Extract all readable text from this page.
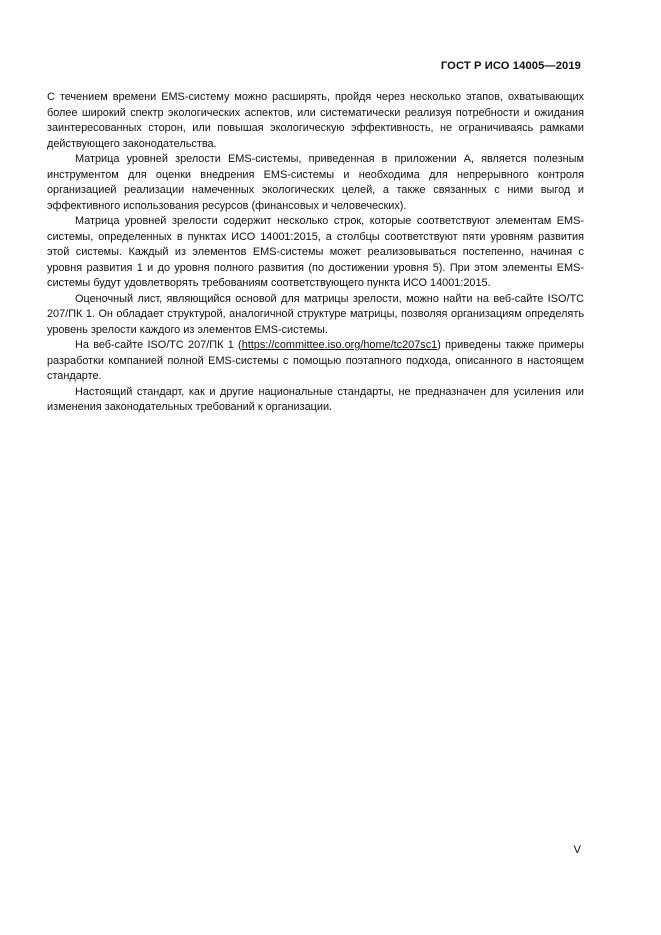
ГОСТ Р ИСО 14005—2019

С течением времени EMS-систему можно расширять, пройдя через несколько этапов, охватывающих более широкий спектр экологических аспектов, или систематически реализуя потребности и ожидания заинтересованных сторон, или повышая экологическую эффективность, не ограничиваясь рамками действующего законодательства.

Матрица уровней зрелости EMS-системы, приведенная в приложении А, является полезным инструментом для оценки внедрения EMS-системы и необходима для непрерывного контроля организацией реализации намеченных экологических целей, а также связанных с ними выгод и эффективного использования ресурсов (финансовых и человеческих).

Матрица уровней зрелости содержит несколько строк, которые соответствуют элементам EMS-системы, определенных в пунктах ИСО 14001:2015, а столбцы соответствуют пяти уровням развития этой системы. Каждый из элементов EMS-системы может реализовываться постепенно, начиная с уровня развития 1 и до уровня полного развития (по достижении уровня 5). При этом элементы EMS-системы будут удовлетворять требованиям соответствующего пункта ИСО 14001:2015.

Оценочный лист, являющийся основой для матрицы зрелости, можно найти на веб-сайте ISO/TC 207/ПК 1. Он обладает структурой, аналогичной структуре матрицы, позволяя организациям определять уровень зрелости каждого из элементов EMS-системы.

На веб-сайте ISO/TC 207/ПК 1 (https://committee.iso.org/home/tc207sc1) приведены также примеры разработки компанией полной EMS-системы с помощью поэтапного подхода, описанного в настоящем стандарте.

Настоящий стандарт, как и другие национальные стандарты, не предназначен для усиления или изменения законодательных требований к организации.

V
